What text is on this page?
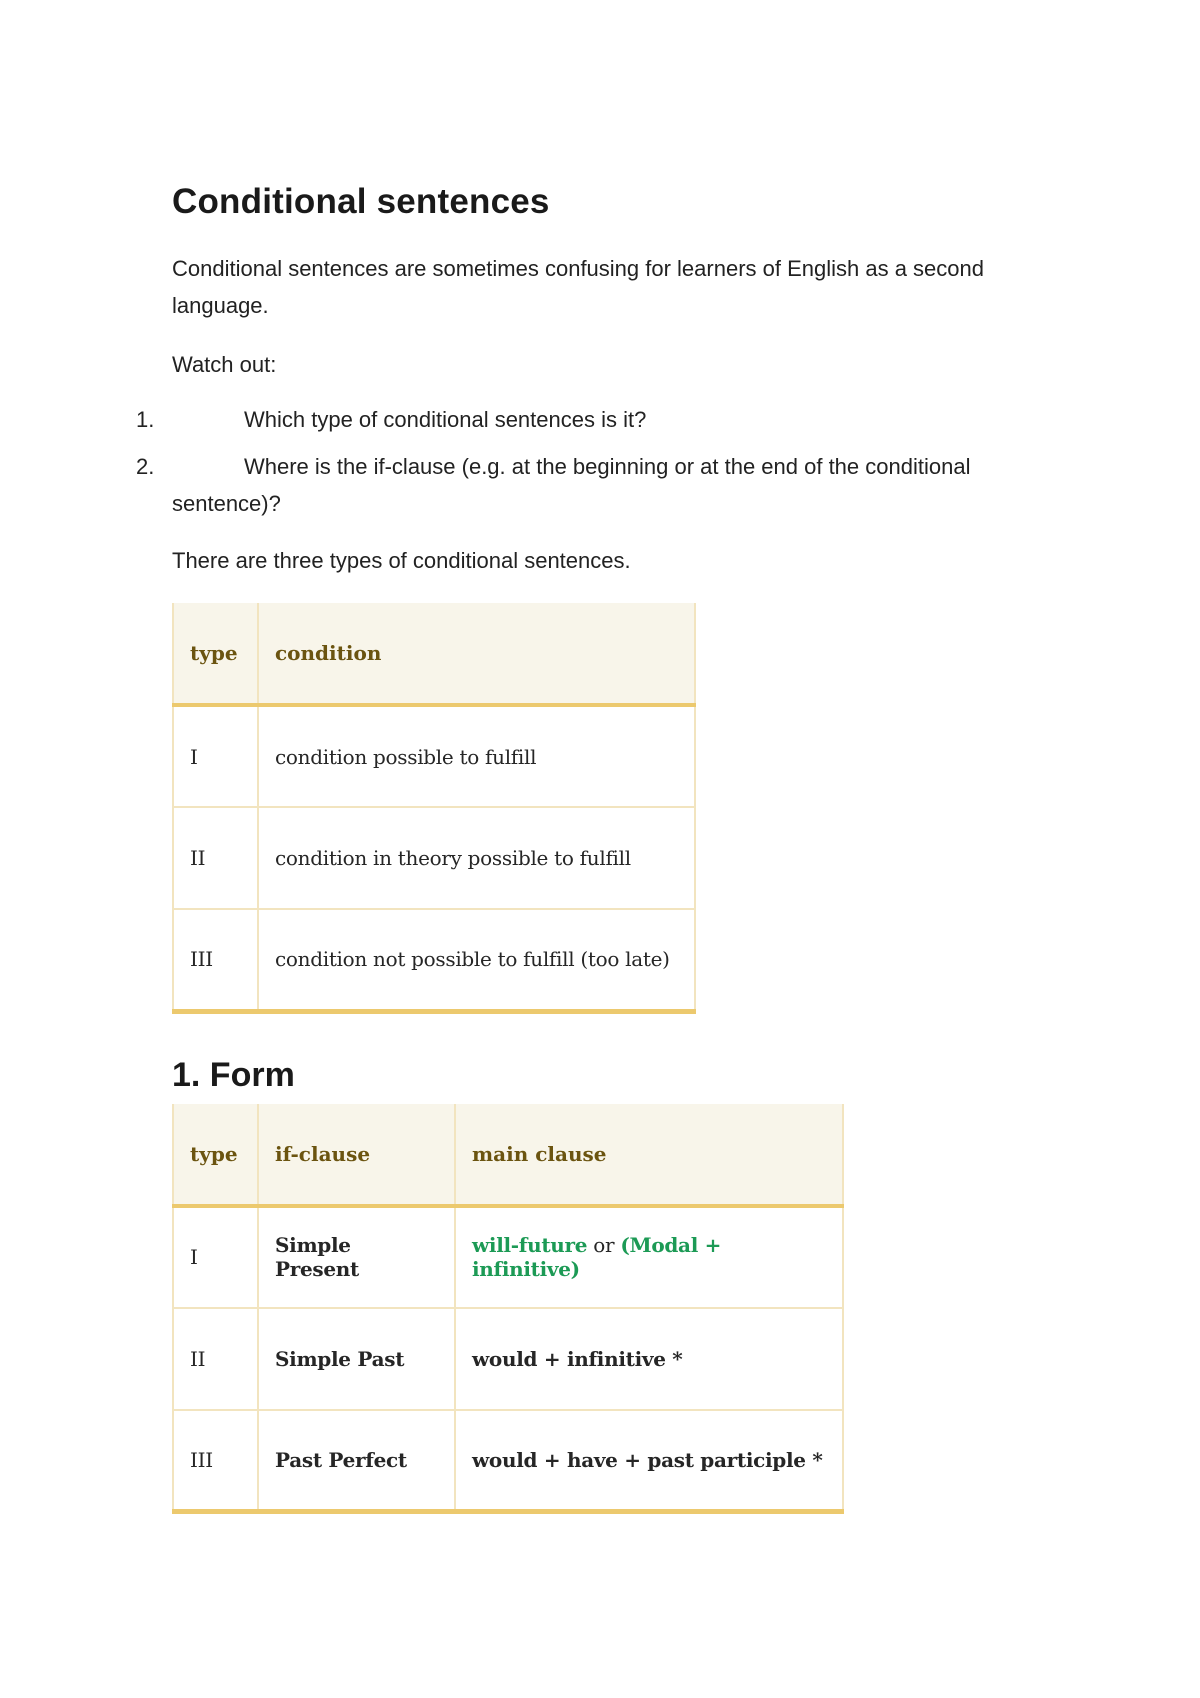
Conditional sentences

Conditional sentences are sometimes confusing for learners of English as a second language.

Watch out:

1.	Which type of conditional sentences is it?
2.	Where is the if-clause (e.g. at the beginning or at the end of the conditional sentence)?

There are three types of conditional sentences.

type	condition
I	condition possible to fulfill
II	condition in theory possible to fulfill
III	condition not possible to fulfill (too late)
1. Form
type	if-clause	main clause
I	Simple Present	will-future or (Modal + infinitive)
II	Simple Past	would + infinitive *
III	Past Perfect	would + have + past participle *
